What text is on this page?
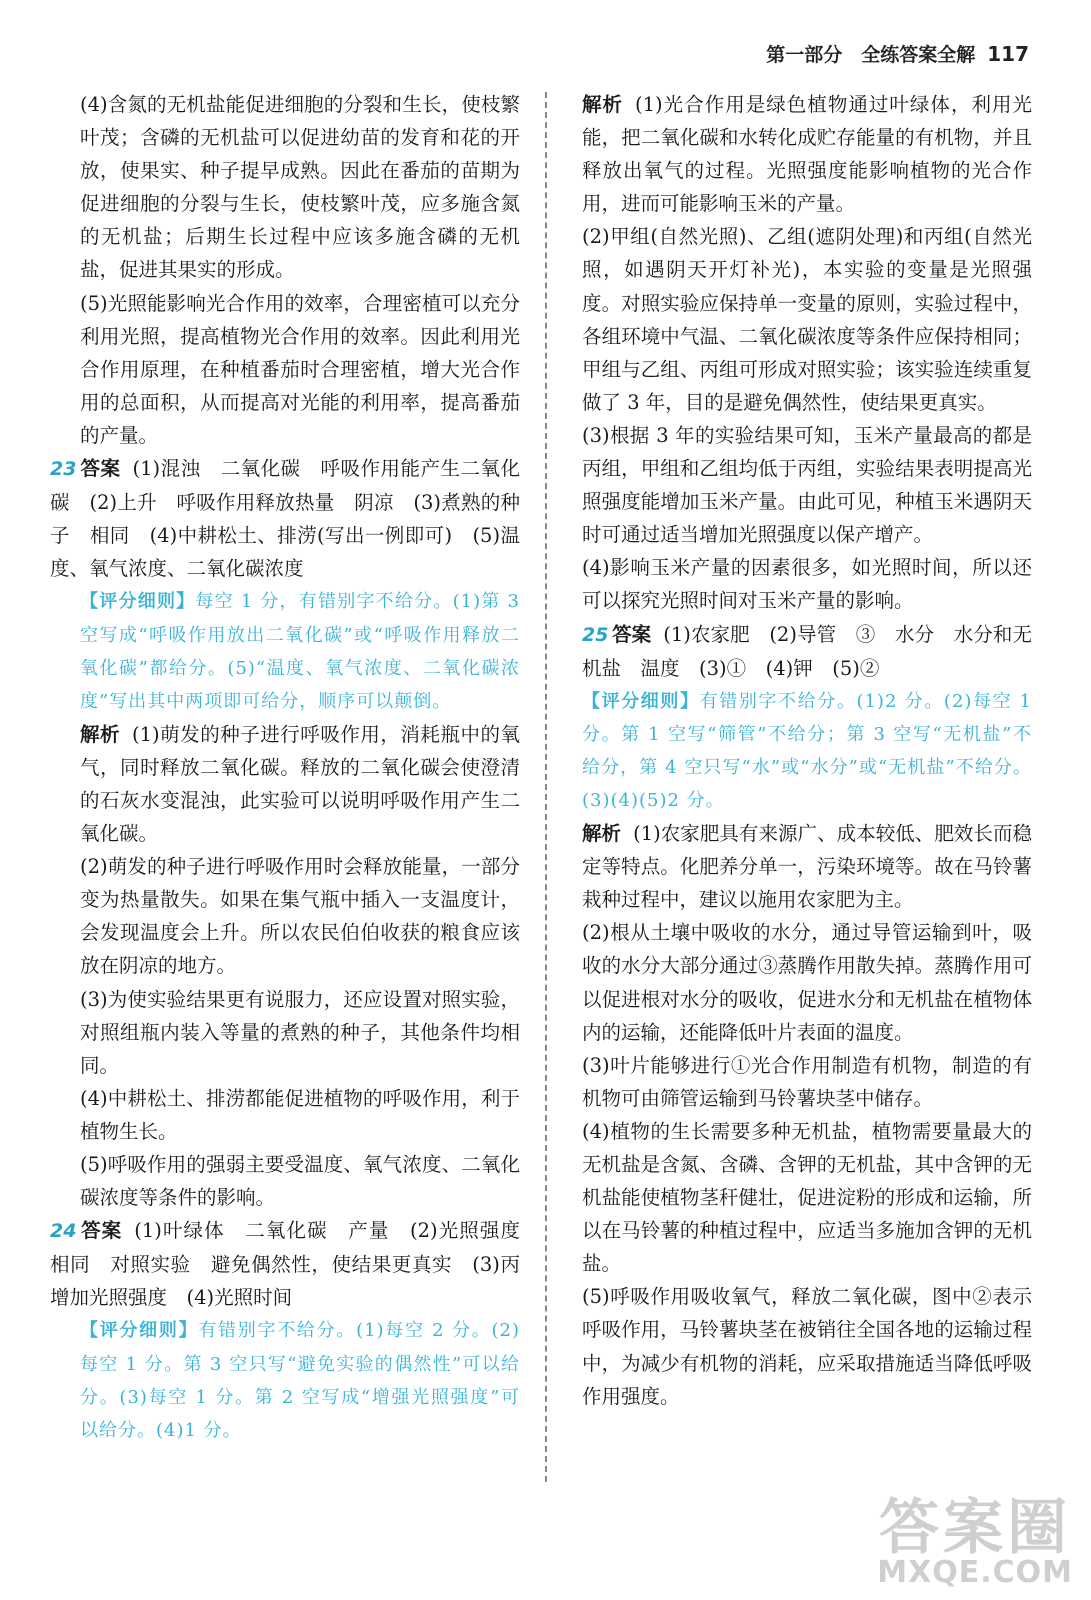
第一部分　全练答案全解 117

(4)含氮的无机盐能促进细胞的分裂和生长，使枝繁叶茂；含磷的无机盐可以促进幼苗的发育和花的开放，使果实、种子提早成熟。因此在番茄的苗期为促进细胞的分裂与生长，使枝繁叶茂，应多施含氮的无机盐；后期生长过程中应该多施含磷的无机盐，促进其果实的形成。

(5)光照能影响光合作用的效率，合理密植可以充分利用光照，提高植物光合作用的效率。因此利用光合作用原理，在种植番茄时合理密植，增大光合作用的总面积，从而提高对光能的利用率，提高番茄的产量。

23 答案 (1)混浊　二氧化碳　呼吸作用能产生二氧化碳　(2)上升　呼吸作用释放热量　阴凉　(3)煮熟的种子　相同　(4)中耕松土、排涝(写出一例即可)　(5)温度、氧气浓度、二氧化碳浓度

【评分细则】每空 1 分，有错别字不给分。(1)第 3 空写成“呼吸作用放出二氧化碳”或“呼吸作用释放二氧化碳”都给分。(5)“温度、氧气浓度、二氧化碳浓度”写出其中两项即可给分，顺序可以颠倒。

解析 (1)萌发的种子进行呼吸作用，消耗瓶中的氧气，同时释放二氧化碳。释放的二氧化碳会使澄清的石灰水变混浊，此实验可以说明呼吸作用产生二氧化碳。

(2)萌发的种子进行呼吸作用时会释放能量，一部分变为热量散失。如果在集气瓶中插入一支温度计，会发现温度会上升。所以农民伯伯收获的粮食应该放在阴凉的地方。

(3)为使实验结果更有说服力，还应设置对照实验，对照组瓶内装入等量的煮熟的种子，其他条件均相同。

(4)中耕松土、排涝都能促进植物的呼吸作用，利于植物生长。

(5)呼吸作用的强弱主要受温度、氧气浓度、二氧化碳浓度等条件的影响。

24 答案 (1)叶绿体　二氧化碳　产量　(2)光照强度　相同　对照实验　避免偶然性，使结果更真实　(3)丙　增加光照强度　(4)光照时间

【评分细则】有错别字不给分。(1)每空 2 分。(2)每空 1 分。第 3 空只写“避免实验的偶然性”可以给分。(3)每空 1 分。第 2 空写成“增强光照强度”可以给分。(4)1 分。

解析 (1)光合作用是绿色植物通过叶绿体，利用光能，把二氧化碳和水转化成贮存能量的有机物，并且释放出氧气的过程。光照强度能影响植物的光合作用，进而可能影响玉米的产量。

(2)甲组(自然光照)、乙组(遮阴处理)和丙组(自然光照，如遇阴天开灯补光)，本实验的变量是光照强度。对照实验应保持单一变量的原则，实验过程中，各组环境中气温、二氧化碳浓度等条件应保持相同；甲组与乙组、丙组可形成对照实验；该实验连续重复做了 3 年，目的是避免偶然性，使结果更真实。

(3)根据 3 年的实验结果可知，玉米产量最高的都是丙组，甲组和乙组均低于丙组，实验结果表明提高光照强度能增加玉米产量。由此可见，种植玉米遇阴天时可通过适当增加光照强度以保产增产。

(4)影响玉米产量的因素很多，如光照时间，所以还可以探究光照时间对玉米产量的影响。

25 答案 (1)农家肥　(2)导管　③　水分　水分和无机盐　温度　(3)①　(4)钾　(5)②

【评分细则】有错别字不给分。(1)2 分。(2)每空 1 分。第 1 空写“筛管”不给分；第 3 空写“无机盐”不给分，第 4 空只写“水”或“水分”或“无机盐”不给分。(3)(4)(5)2 分。

解析 (1)农家肥具有来源广、成本较低、肥效长而稳定等特点。化肥养分单一，污染环境等。故在马铃薯栽种过程中，建议以施用农家肥为主。

(2)根从土壤中吸收的水分，通过导管运输到叶，吸收的水分大部分通过③蒸腾作用散失掉。蒸腾作用可以促进根对水分的吸收，促进水分和无机盐在植物体内的运输，还能降低叶片表面的温度。

(3)叶片能够进行①光合作用制造有机物，制造的有机物可由筛管运输到马铃薯块茎中储存。

(4)植物的生长需要多种无机盐，植物需要量最大的无机盐是含氮、含磷、含钾的无机盐，其中含钾的无机盐能使植物茎秆健壮，促进淀粉的形成和运输，所以在马铃薯的种植过程中，应适当多施加含钾的无机盐。

(5)呼吸作用吸收氧气，释放二氧化碳，图中②表示呼吸作用，马铃薯块茎在被销往全国各地的运输过程中，为减少有机物的消耗，应采取措施适当降低呼吸作用强度。

答案圈
MXQE.COM
